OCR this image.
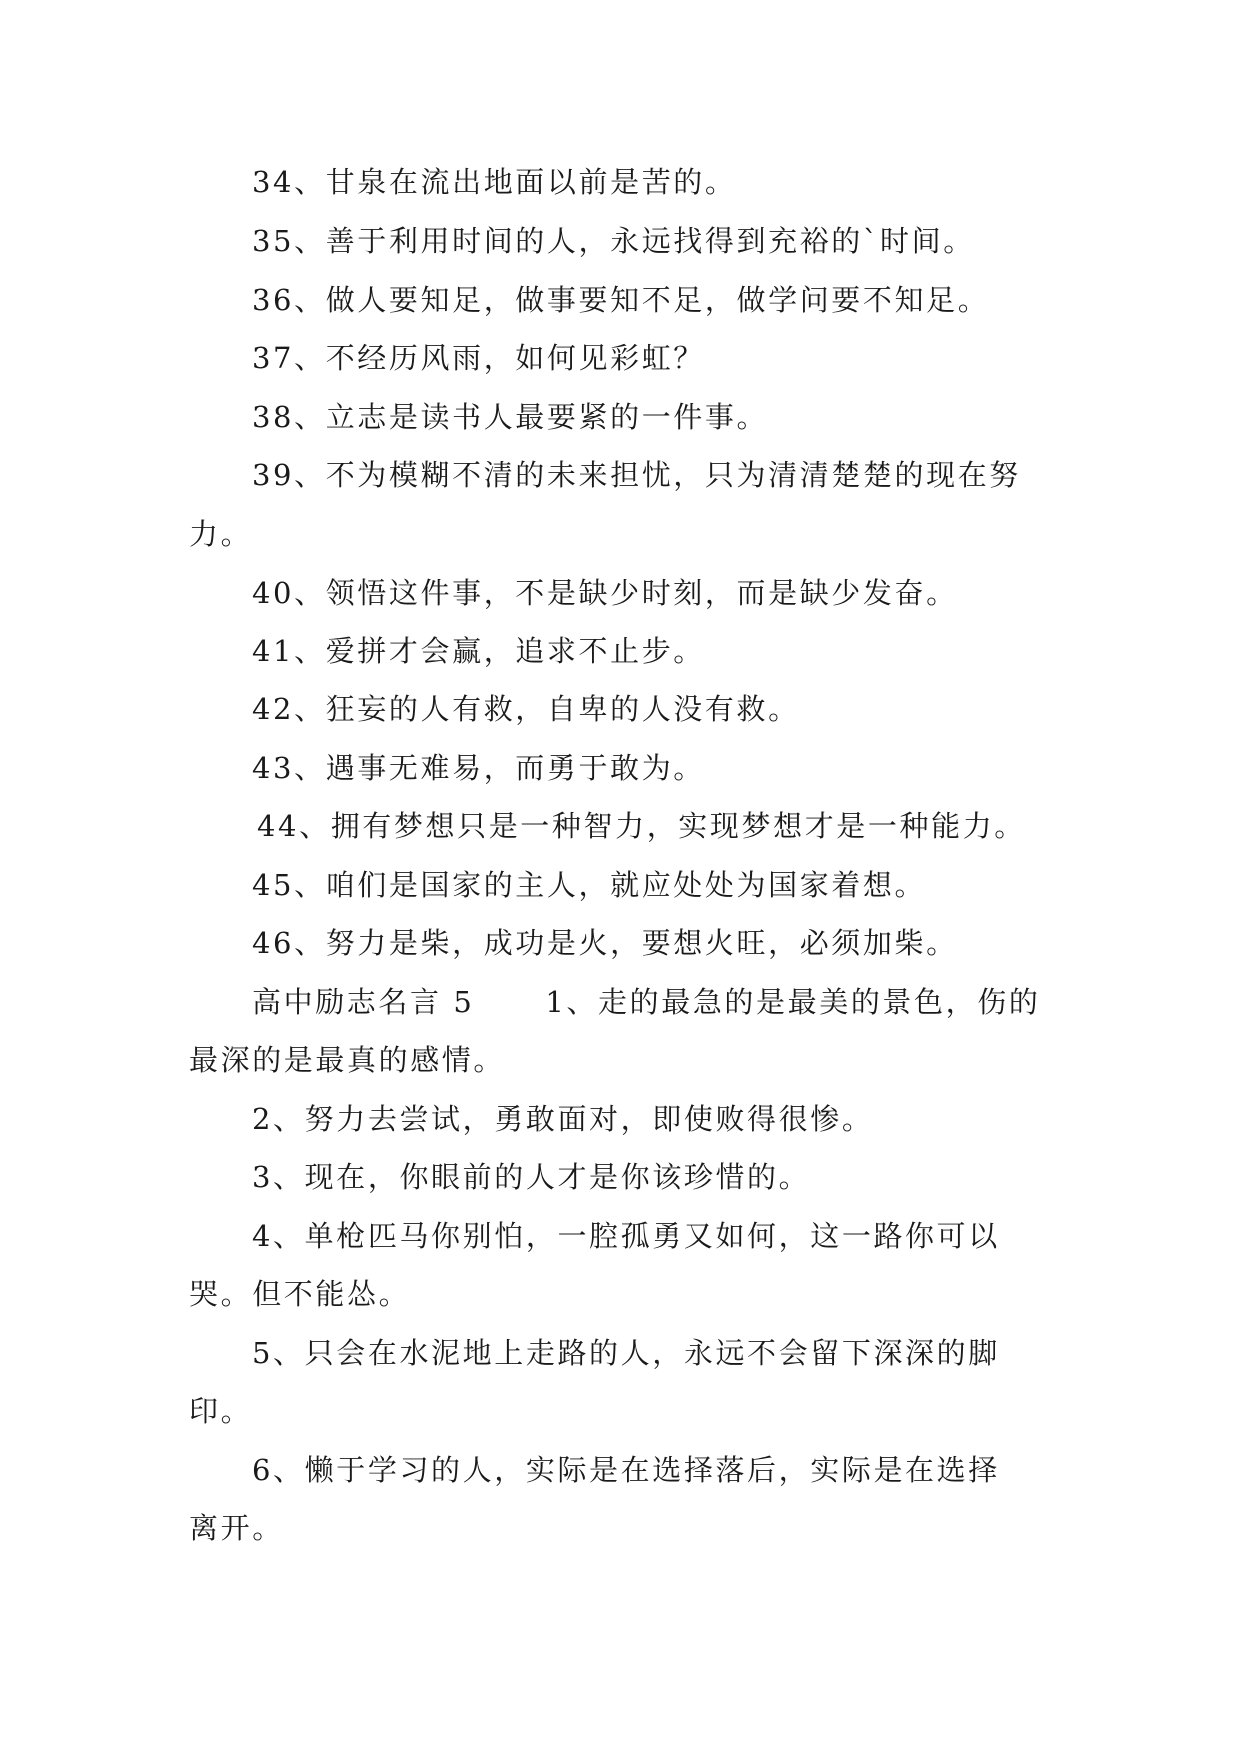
34、甘泉在流出地面以前是苦的。

35、善于利用时间的人，永远找得到充裕的`时间。

36、做人要知足，做事要知不足，做学问要不知足。

37、不经历风雨，如何见彩虹？

38、立志是读书人最要紧的一件事。

39、不为模糊不清的未来担忧，只为清清楚楚的现在努

力。

40、领悟这件事，不是缺少时刻，而是缺少发奋。

41、爱拼才会赢，追求不止步。

42、狂妄的人有救，自卑的人没有救。

43、遇事无难易，而勇于敢为。

44、拥有梦想只是一种智力，实现梦想才是一种能力。

45、咱们是国家的主人，就应处处为国家着想。

46、努力是柴，成功是火，要想火旺，必须加柴。

高中励志名言 5      1、走的最急的是最美的景色，伤的

最深的是最真的感情。

2、努力去尝试，勇敢面对，即使败得很惨。

3、现在，你眼前的人才是你该珍惜的。

4、单枪匹马你别怕，一腔孤勇又如何，这一路你可以

哭。但不能怂。

5、只会在水泥地上走路的人，永远不会留下深深的脚

印。

6、懒于学习的人，实际是在选择落后，实际是在选择

离开。
